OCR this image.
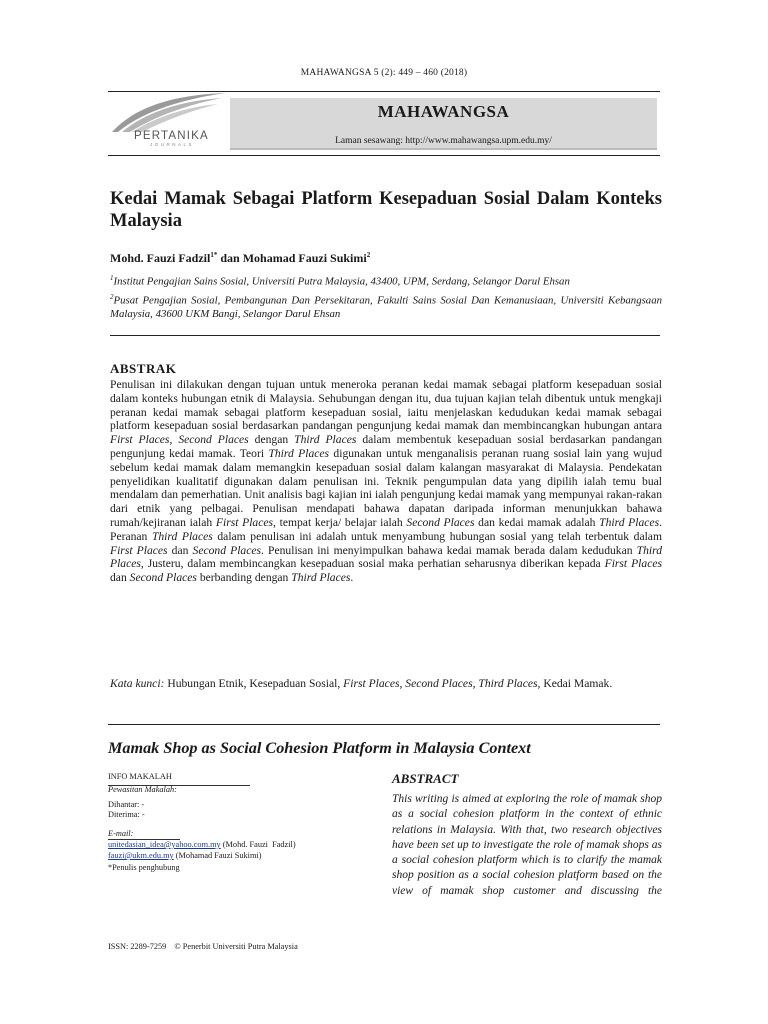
MAHAWANGSA 5 (2): 449 – 460 (2018)
PERTANIKA
JOURNALS
MAHAWANGSA
Laman sesawang: http://www.mahawangsa.upm.edu.my/
Kedai Mamak Sebagai Platform Kesepaduan Sosial Dalam Konteks Malaysia
Mohd. Fauzi Fadzil$^{1*}$ dan Mohamad Fauzi Sukimi$^2$
$^1$Institut Pengajian Sains Sosial, Universiti Putra Malaysia, 43400, UPM, Serdang, Selangor Darul Ehsan
$^2$Pusat Pengajian Sosial, Pembangunan Dan Persekitaran, Fakulti Sains Sosial Dan Kemanusiaan, Universiti Kebangsaan Malaysia, 43600 UKM Bangi, Selangor Darul Ehsan
ABSTRAK

Penulisan ini dilakukan dengan tujuan untuk meneroka peranan kedai mamak sebagai platform kesepaduan sosial dalam konteks hubungan etnik di Malaysia. Sehubungan dengan itu, dua tujuan kajian telah dibentuk untuk mengkaji peranan kedai mamak sebagai platform kesepaduan sosial, iaitu menjelaskan kedudukan kedai mamak sebagai platform kesepaduan sosial berdasarkan pandangan pengunjung kedai mamak dan membincangkan hubungan antara First Places, Second Places dengan Third Places dalam membentuk kesepaduan sosial berdasarkan pandangan pengunjung kedai mamak. Teori Third Places digunakan untuk menganalisis peranan ruang sosial lain yang wujud sebelum kedai mamak dalam memangkin kesepaduan sosial dalam kalangan masyarakat di Malaysia. Pendekatan penyelidikan kualitatif digunakan dalam penulisan ini. Teknik pengumpulan data yang dipilih ialah temu bual mendalam dan pemerhatian. Unit analisis bagi kajian ini ialah pengunjung kedai mamak yang mempunyai rakan-rakan dari etnik yang pelbagai. Penulisan mendapati bahawa dapatan daripada informan menunjukkan bahawa rumah/kejiranan ialah First Places, tempat kerja/ belajar ialah Second Places dan kedai mamak adalah Third Places. Peranan Third Places dalam penulisan ini adalah untuk menyambung hubungan sosial yang telah terbentuk dalam First Places dan Second Places. Penulisan ini menyimpulkan bahawa kedai mamak berada dalam kedudukan Third Places, Justeru, dalam membincangkan kesepaduan sosial maka perhatian seharusnya diberikan kepada First Places dan Second Places berbanding dengan Third Places.

Kata kunci: Hubungan Etnik, Kesepaduan Sosial, First Places, Second Places, Third Places, Kedai Mamak.

Mamak Shop as Social Cohesion Platform in Malaysia Context
INFO MAKALAH
Pewasitan Makalah:
Dihantar: -
Diterima: -
E-mail:
unitedasian_idea@yahoo.com.my (Mohd. Fauzi  Fadzil)
fauzi@ukm.edu.my (Mohamad Fauzi Sukimi)
*Penulis penghubung
ABSTRACT

This writing is aimed at exploring the role of mamak shop as a social cohesion platform in the context of ethnic relations in Malaysia. With that, two research objectives have been set up to investigate the role of mamak shops as a social cohesion platform which is to clarify the mamak shop position as a social cohesion platform based on the view of mamak shop customer and discussing the

ISSN: 2289-7259 © Penerbit Universiti Putra Malaysia
